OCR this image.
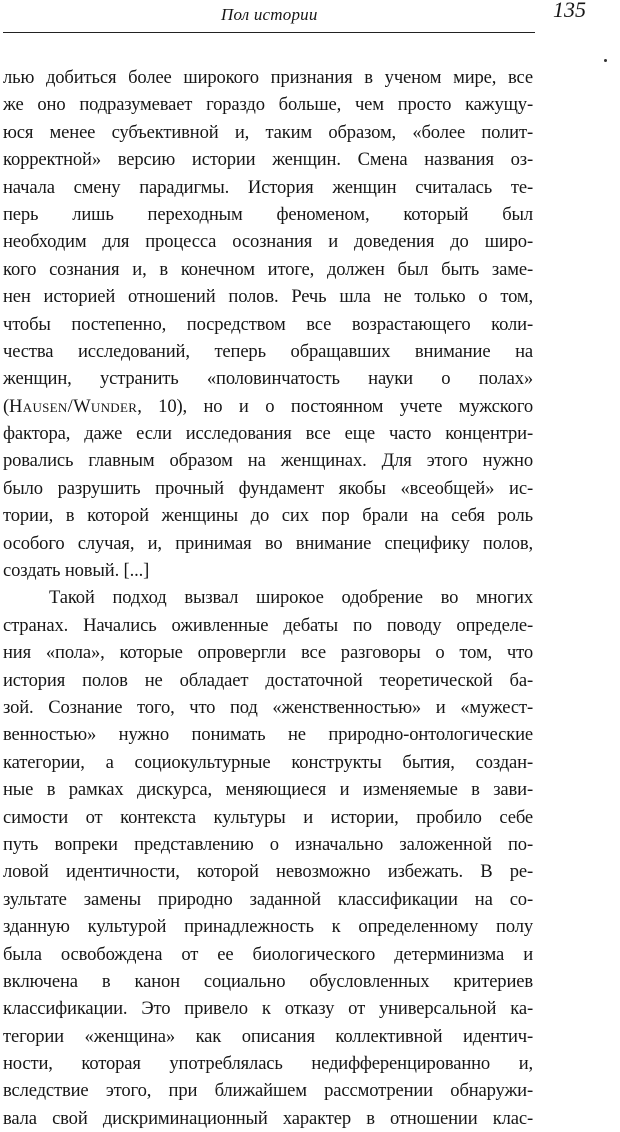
Пол истории	135
лью добиться более широкого признания в ученом мире, все
же оно подразумевает гораздо больше, чем просто кажущу-
юся менее субъективной и, таким образом, «более полит-
корректной» версию истории женщин. Смена названия оз-
начала смену парадигмы. История женщин считалась те-
перь лишь переходным феноменом, который был
необходим для процесса осознания и доведения до широ-
кого сознания и, в конечном итоге, должен был быть заме-
нен историей отношений полов. Речь шла не только о том,
чтобы постепенно, посредством все возрастающего коли-
чества исследований, теперь обращавших внимание на
женщин, устранить «половинчатость науки о полах»
(Hausen/Wunder, 10), но и о постоянном учете мужского
фактора, даже если исследования все еще часто концентри-
ровались главным образом на женщинах. Для этого нужно
было разрушить прочный фундамент якобы «всеобщей» ис-
тории, в которой женщины до сих пор брали на себя роль
особого случая, и, принимая во внимание специфику полов,
создать новый. [...]
Такой подход вызвал широкое одобрение во многих
странах. Начались оживленные дебаты по поводу определе-
ния «пола», которые опровергли все разговоры о том, что
история полов не обладает достаточной теоретической ба-
зой. Сознание того, что под «женственностью» и «мужест-
венностью» нужно понимать не природно-онтологические
категории, а социокультурные конструкты бытия, создан-
ные в рамках дискурса, меняющиеся и изменяемые в зави-
симости от контекста культуры и истории, пробило себе
путь вопреки представлению о изначально заложенной по-
ловой идентичности, которой невозможно избежать. В ре-
зультате замены природно заданной классификации на со-
зданную культурой принадлежность к определенному полу
была освобождена от ее биологического детерминизма и
включена в канон социально обусловленных критериев
классификации. Это привело к отказу от универсальной ка-
тегории «женщина» как описания коллективной идентич-
ности, которая употреблялась недифференцированно и,
вследствие этого, при ближайшем рассмотрении обнаружи-
вала свой дискриминационный характер в отношении клас-
